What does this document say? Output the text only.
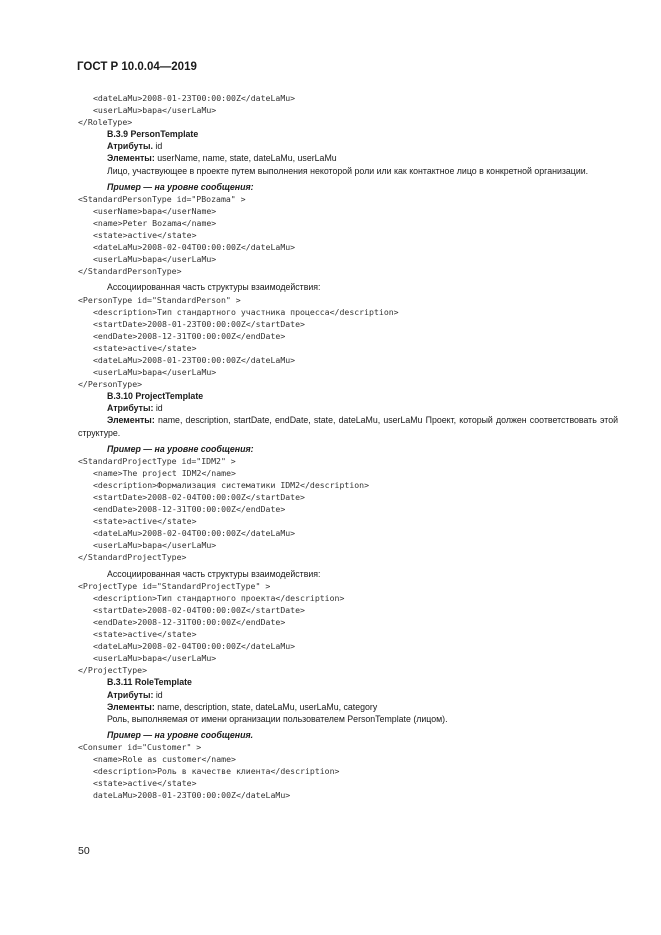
ГОСТ Р 10.0.04—2019
<dateLaMu>2008-01-23T00:00:00Z</dateLaMu>
<userLaMu>bapa</userLaMu>
</RoleType>
B.3.9 PersonTemplate
Атрибуты. id
Элементы: userName, name, state, dateLaMu, userLaMu
Лицо, участвующее в проекте путем выполнения некоторой роли или как контактное лицо в конкретной организации.
Пример — на уровне сообщения:
<StandardPersonType id="PBozama" >
<userName>bapa</userName>
<name>Peter Bozama</name>
<state>active</state>
<dateLaMu>2008-02-04T00:00:00Z</dateLaMu>
<userLaMu>bapa</userLaMu>
</StandardPersonType>
Ассоциированная часть структуры взаимодействия:
<PersonType id="StandardPerson" >
<description>Тип стандартного участника процесса</description>
<startDate>2008-01-23T00:00:00Z</startDate>
<endDate>2008-12-31T00:00:00Z</endDate>
<state>active</state>
<dateLaMu>2008-01-23T00:00:00Z</dateLaMu>
<userLaMu>bapa</userLaMu>
</PersonType>
B.3.10 ProjectTemplate
Атрибуты: id
Элементы: name, description, startDate, endDate, state, dateLaMu, userLaMu Проект, который должен соответствовать этой структуре.
Пример — на уровне сообщения:
<StandardProjectType id="IDM2" >
<name>The project IDM2</name>
<description>Формализация систематики IDM2</description>
<startDate>2008-02-04T00:00:00Z</startDate>
<endDate>2008-12-31T00:00:00Z</endDate>
<state>active</state>
<dateLaMu>2008-02-04T00:00:00Z</dateLaMu>
<userLaMu>bapa</userLaMu>
</StandardProjectType>
Ассоциированная часть структуры взаимодействия:
<ProjectType id="StandardProjectType" >
<description>Тип стандартного проекта</description>
<startDate>2008-02-04T00:00:00Z</startDate>
<endDate>2008-12-31T00:00:00Z</endDate>
<state>active</state>
<dateLaMu>2008-02-04T00:00:00Z</dateLaMu>
<userLaMu>bapa</userLaMu>
</ProjectType>
B.3.11 RoleTemplate
Атрибуты: id
Элементы: name, description, state, dateLaMu, userLaMu, category
Роль, выполняемая от имени организации пользователем PersonTemplate (лицом).
Пример — на уровне сообщения.
<Consumer id="Customer" >
<name>Role as customer</name>
<description>Роль в качестве клиента</description>
<state>active</state>
dateLaMu>2008-01-23T00:00:00Z</dateLaMu>
50
